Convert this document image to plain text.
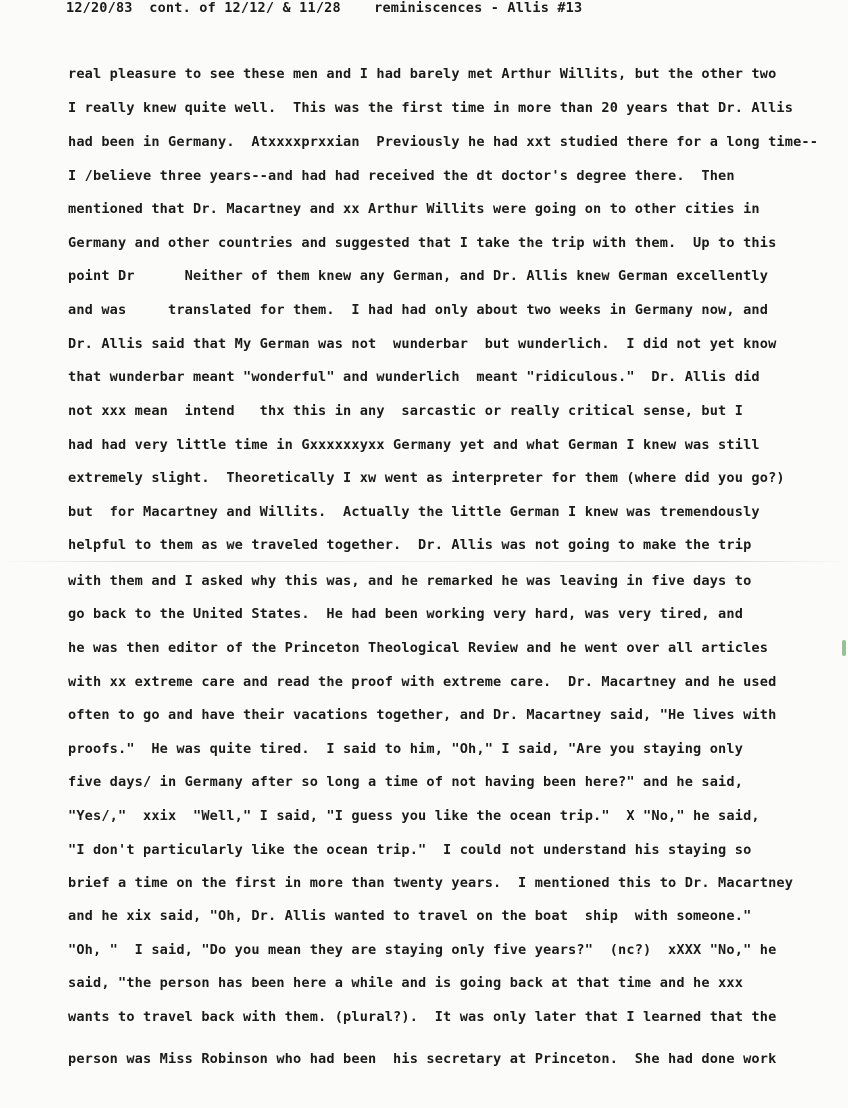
12/20/83 cont. of 12/12/ & 11/28 reminiscences - Allis #13
real pleasure to see these men and I had barely met Arthur Willits, but the other two
I really knew quite well.  This was the first time in more than 20 years that Dr. Allis
had been in Germany.  Atxxxxprxxian  Previously he had xxt studied there for a long time--
I /believe three years--and had had received the dt doctor's degree there.  Then
mentioned that Dr. Macartney and xx Arthur Willits were going on to other cities in
Germany and other countries and suggested that I take the trip with them.  Up to this
point Dr      Neither of them knew any German, and Dr. Allis knew German excellently
and was     translated for them.  I had had only about two weeks in Germany now, and
Dr. Allis said that My German was not  wunderbar  but wunderlich.  I did not yet know
that wunderbar meant "wonderful" and wunderlich  meant "ridiculous."  Dr. Allis did
not xxx mean  intend   thx this in any  sarcastic or really critical sense, but I
had had very little time in Gxxxxxxyxx Germany yet and what German I knew was still
extremely slight.  Theoretically I xw went as interpreter for them (where did you go?)
but  for Macartney and Willits.  Actually the little German I knew was tremendously
helpful to them as we traveled together.  Dr. Allis was not going to make the trip
with them and I asked why this was, and he remarked he was leaving in five days to
go back to the United States.  He had been working very hard, was very tired, and
he was then editor of the Princeton Theological Review and he went over all articles
with xx extreme care and read the proof with extreme care.  Dr. Macartney and he used
often to go and have their vacations together, and Dr. Macartney said, "He lives with
proofs."  He was quite tired.  I said to him, "Oh," I said, "Are you staying only
five days/ in Germany after so long a time of not having been here?" and he said,
"Yes/,"  xxix  "Well," I said, "I guess you like the ocean trip."  X "No," he said,
"I don't particularly like the ocean trip."  I could not understand his staying so
brief a time on the first in more than twenty years.  I mentioned this to Dr. Macartney
and he xix said, "Oh, Dr. Allis wanted to travel on the boat  ship  with someone."
"Oh, "  I said, "Do you mean they are staying only five years?"  (nc?)  xXXX "No," he
said, "the person has been here a while and is going back at that time and he xxx
wants to travel back with them. (plural?).  It was only later that I learned that the
person was Miss Robinson who had been  his secretary at Princeton.  She had done work
